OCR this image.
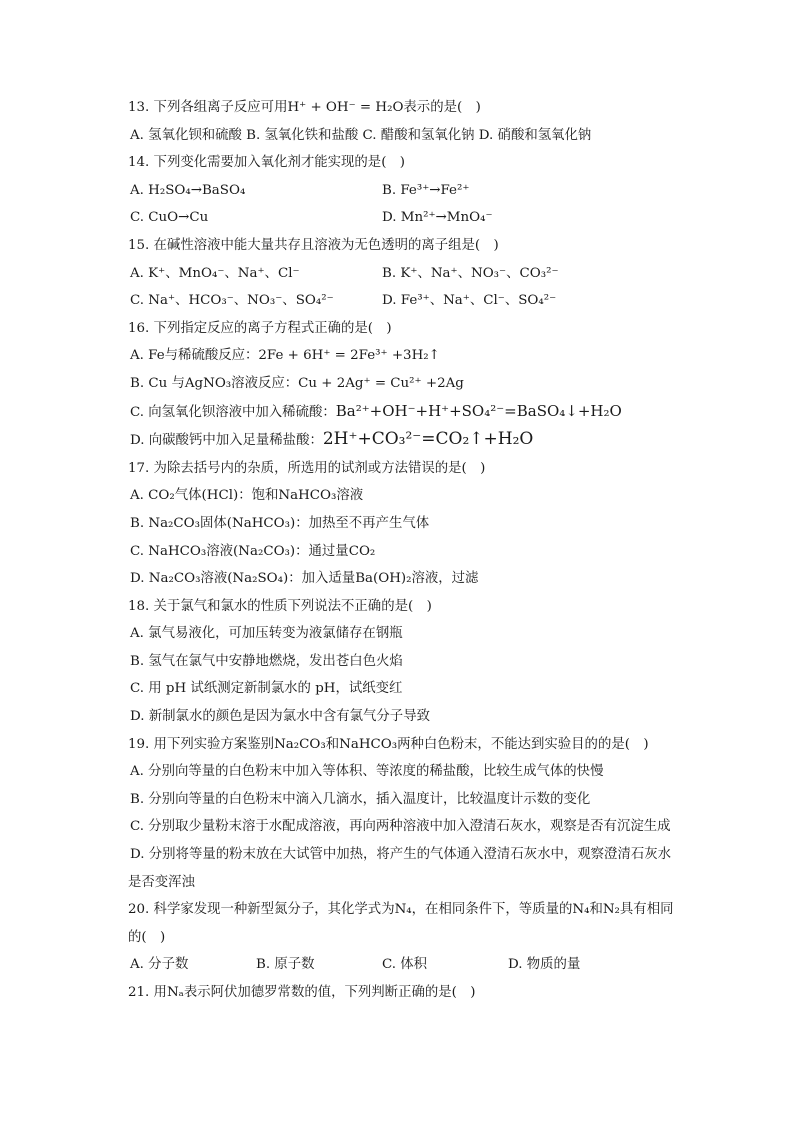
13. 下列各组离子反应可用H⁺ + OH⁻ = H₂O表示的是(　)

A. 氢氧化钡和硫酸 B. 氢氧化铁和盐酸 C. 醋酸和氢氧化钠 D. 硝酸和氢氧化钠

14. 下列变化需要加入氧化剂才能实现的是(　)

A. H₂SO₄→BaSO₄	B. Fe³⁺→Fe²⁺
C. CuO→Cu	D. Mn²⁺→MnO₄⁻

15. 在碱性溶液中能大量共存且溶液为无色透明的离子组是(　)

A. K⁺、MnO₄⁻、Na⁺、Cl⁻	B. K⁺、Na⁺、NO₃⁻、CO₃²⁻
C. Na⁺、HCO₃⁻、NO₃⁻、SO₄²⁻	D. Fe³⁺、Na⁺、Cl⁻、SO₄²⁻

16. 下列指定反应的离子方程式正确的是(　)

A. Fe与稀硫酸反应：2Fe + 6H⁺ = 2Fe³⁺ +3H₂↑

B. Cu 与AgNO₃溶液反应：Cu + 2Ag⁺ = Cu²⁺ +2Ag

C. 向氢氧化钡溶液中加入稀硫酸：Ba²⁺+OH⁻+H⁺+SO₄²⁻=BaSO₄↓+H₂O

D. 向碳酸钙中加入足量稀盐酸：2H⁺+CO₃²⁻=CO₂↑+H₂O

17. 为除去括号内的杂质，所选用的试剂或方法错误的是(　)

A. CO₂气体(HCl)：饱和NaHCO₃溶液

B. Na₂CO₃固体(NaHCO₃)：加热至不再产生气体

C. NaHCO₃溶液(Na₂CO₃)：通过量CO₂

D. Na₂CO₃溶液(Na₂SO₄)：加入适量Ba(OH)₂溶液，过滤

18. 关于氯气和氯水的性质下列说法不正确的是(　)

A. 氯气易液化，可加压转变为液氯储存在钢瓶

B. 氢气在氯气中安静地燃烧，发出苍白色火焰

C. 用 pH 试纸测定新制氯水的 pH，试纸变红

D. 新制氯水的颜色是因为氯水中含有氯气分子导致

19. 用下列实验方案鉴别Na₂CO₃和NaHCO₃两种白色粉末，不能达到实验目的的是(　)

A. 分别向等量的白色粉末中加入等体积、等浓度的稀盐酸，比较生成气体的快慢

B. 分别向等量的白色粉末中滴入几滴水，插入温度计，比较温度计示数的变化

C. 分别取少量粉末溶于水配成溶液，再向两种溶液中加入澄清石灰水，观察是否有沉淀生成

D. 分别将等量的粉末放在大试管中加热，将产生的气体通入澄清石灰水中，观察澄清石灰水

是否变浑浊

20. 科学家发现一种新型氮分子，其化学式为N₄，在相同条件下，等质量的N₄和N₂具有相同

的(　)

A. 分子数	B. 原子数	C. 体积	D. 物质的量

21. 用Nₐ表示阿伏加德罗常数的值，下列判断正确的是(　)
